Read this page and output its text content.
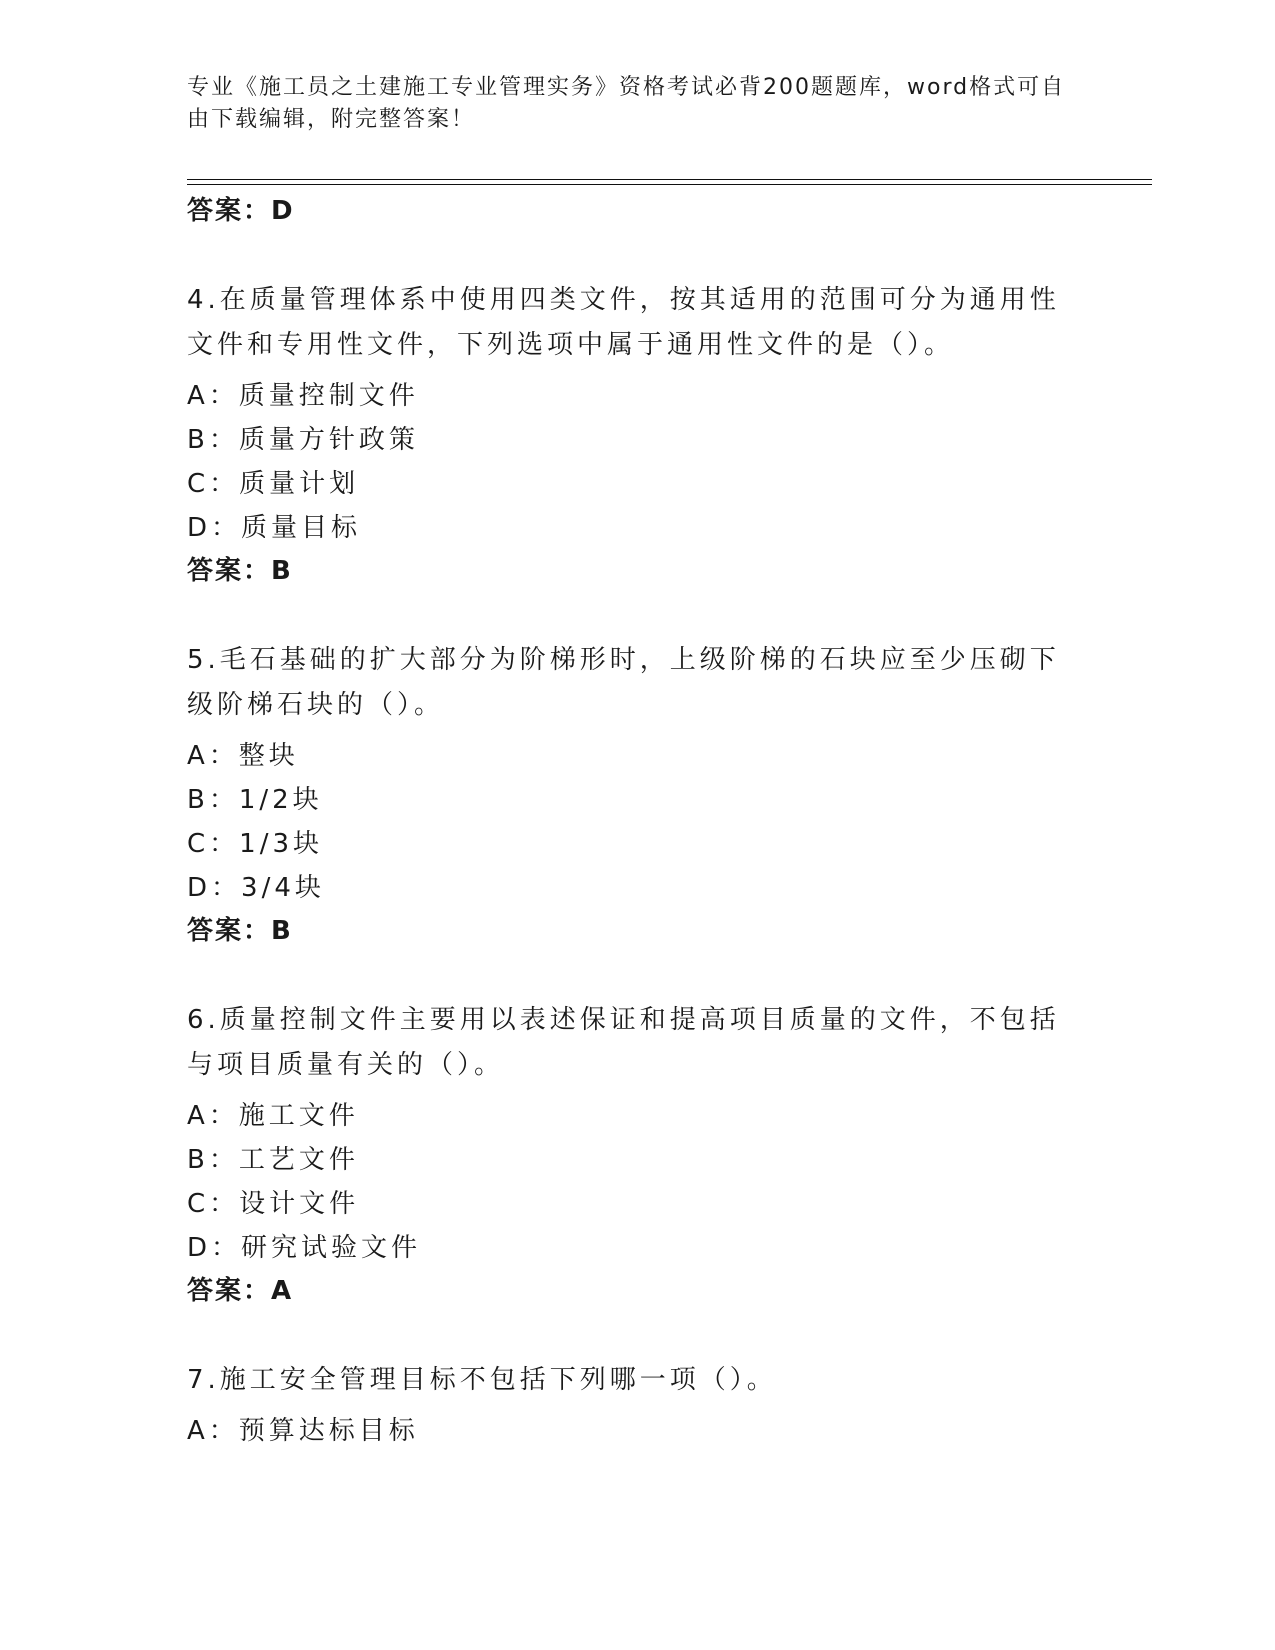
专业《施工员之土建施工专业管理实务》资格考试必背200题题库，word格式可自由下载编辑，附完整答案！
答案：D
4.在质量管理体系中使用四类文件，按其适用的范围可分为通用性文件和专用性文件，下列选项中属于通用性文件的是（）。
A：质量控制文件
B：质量方针政策
C：质量计划
D：质量目标
答案：B
5.毛石基础的扩大部分为阶梯形时，上级阶梯的石块应至少压砌下级阶梯石块的（）。
A：整块
B：1/2块
C：1/3块
D：3/4块
答案：B
6.质量控制文件主要用以表述保证和提高项目质量的文件，不包括与项目质量有关的（）。
A：施工文件
B：工艺文件
C：设计文件
D：研究试验文件
答案：A
7.施工安全管理目标不包括下列哪一项（）。
A：预算达标目标
